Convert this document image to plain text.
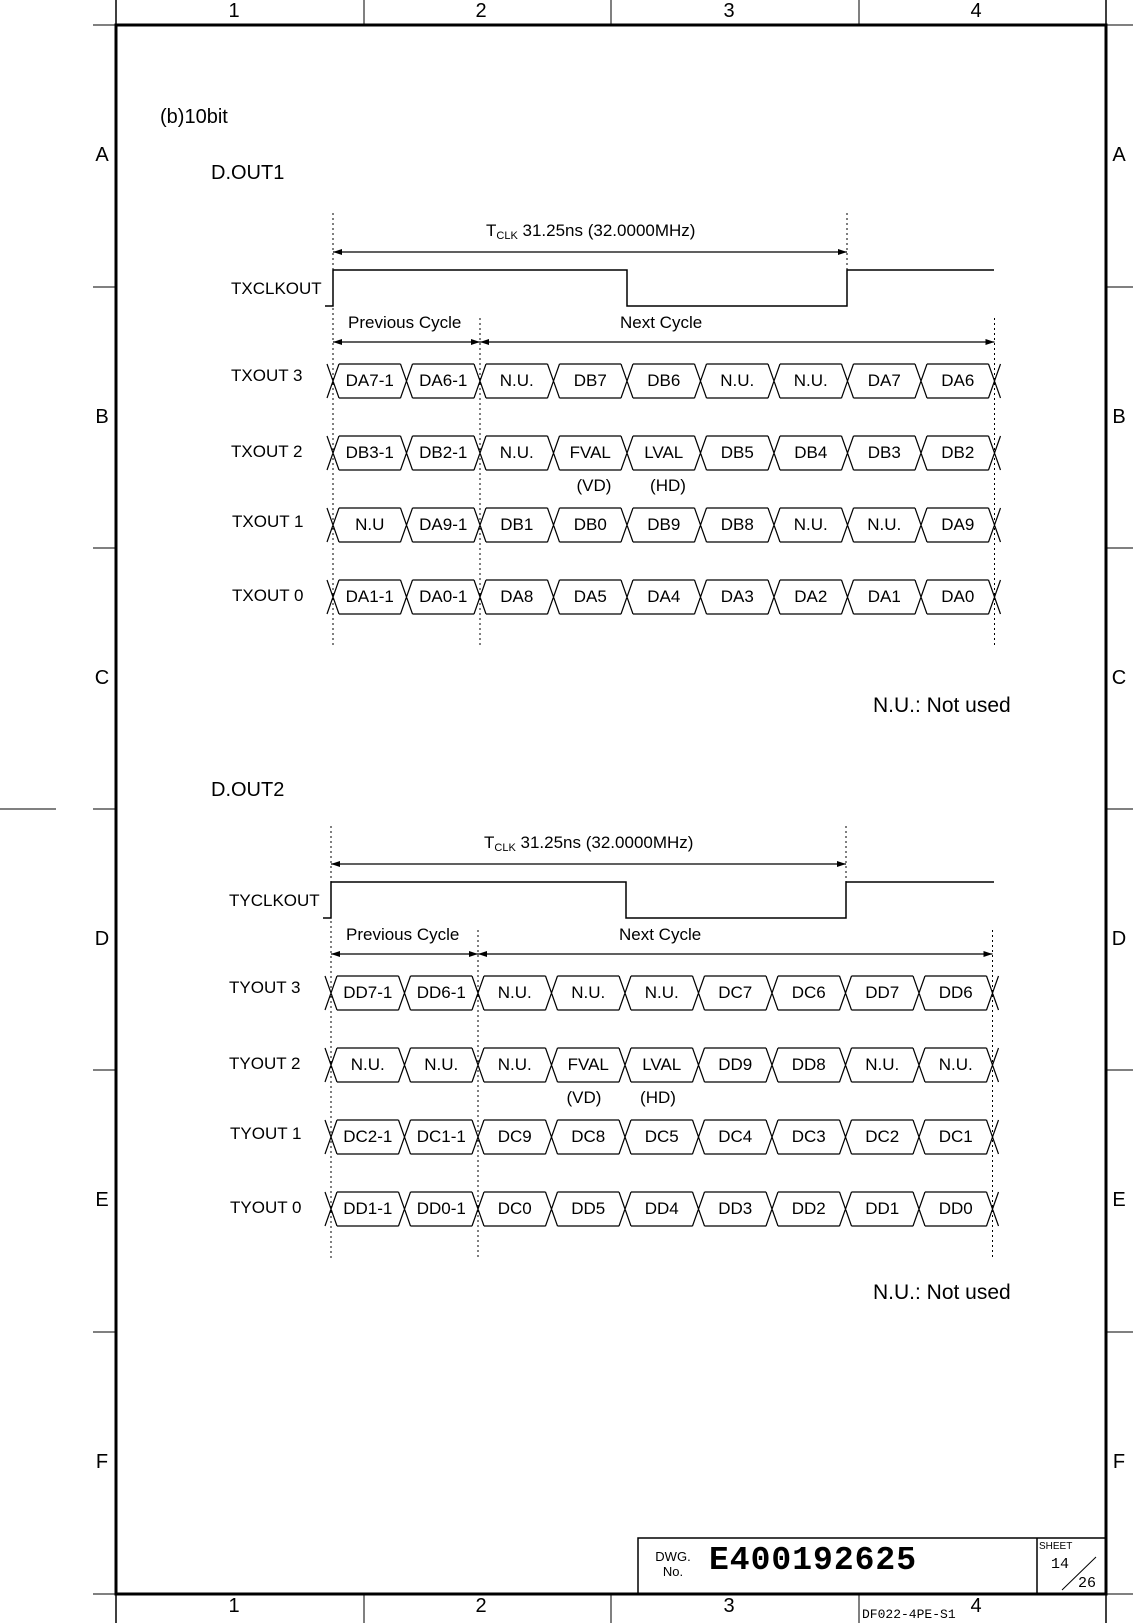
1	2	3	4
1	2	3	4
A
B
C
D
E
F
A
B
C
D
E
F
(b)10bit
D.OUT1
$T_{CLK}$ 31.25ns (32.0000MHz)
TXCLKOUT
Previous Cycle	Next Cycle
TXOUT 3
TXOUT 2
TXOUT 1
TXOUT 0
(VD)	(HD)
N.U.: Not used
DA7-1	DA6-1	N.U.	DB7	DB6	N.U.	N.U.	DA7	DA6
DB3-1	DB2-1	N.U.	FVAL	LVAL	DB5	DB4	DB3	DB2
N.U	DA9-1	DB1	DB0	DB9	DB8	N.U.	N.U.	DA9
DA1-1	DA0-1	DA8	DA5	DA4	DA3	DA2	DA1	DA0
D.OUT2
$T_{CLK}$ 31.25ns (32.0000MHz)
TYCLKOUT
Previous Cycle	Next Cycle
TYOUT 3
TYOUT 2
TYOUT 1
TYOUT 0
(VD)	(HD)
N.U.: Not used
DD7-1	DD6-1	N.U.	N.U.	N.U.	DC7	DC6	DD7	DD6
N.U.	N.U.	N.U.	FVAL	LVAL	DD9	DD8	N.U.	N.U.
DC2-1	DC1-1	DC9	DC8	DC5	DC4	DC3	DC2	DC1
DD1-1	DD0-1	DC0	DD5	DD4	DD3	DD2	DD1	DD0
DWG.
No. E400192625	SHEET
14
26
DF022-4PE-S1
